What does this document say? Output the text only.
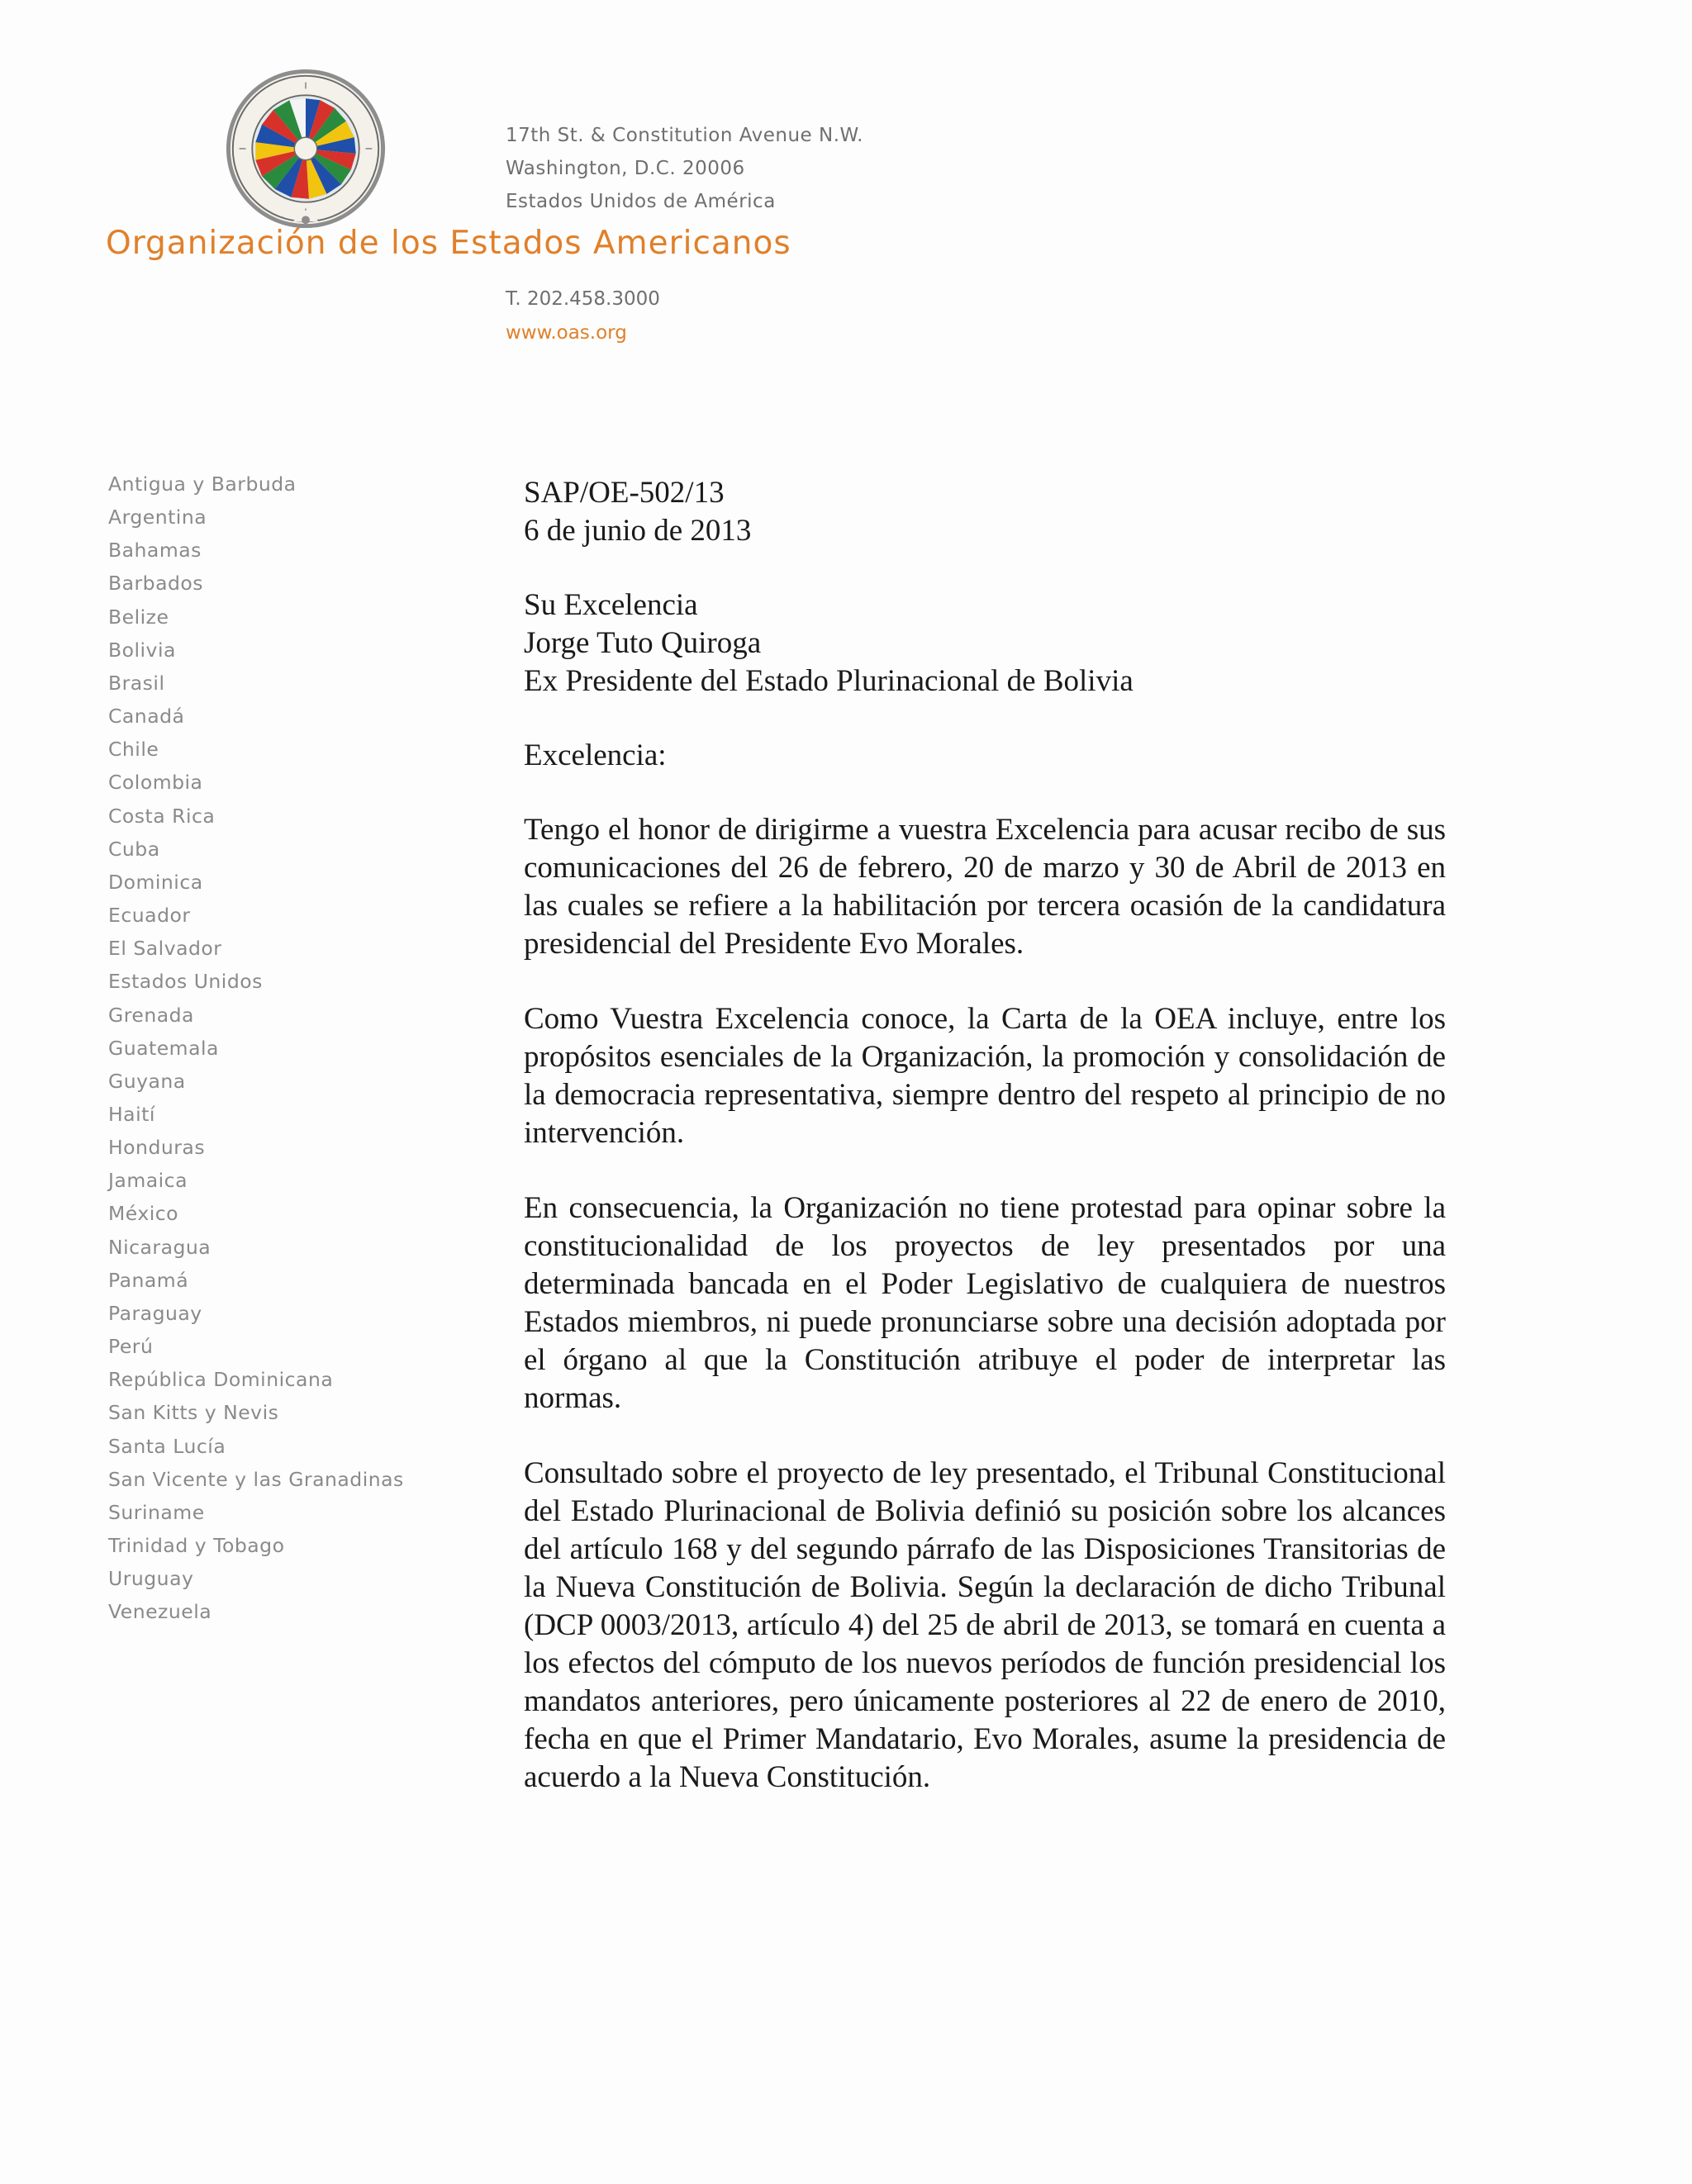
17th St. & Constitution Avenue N.W.
Washington, D.C. 20006
Estados Unidos de América
Organización de los Estados Americanos
T. 202.458.3000
www.oas.org
Antigua y Barbuda
Argentina
Bahamas
Barbados
Belize
Bolivia
Brasil
Canadá
Chile
Colombia
Costa Rica
Cuba
Dominica
Ecuador
El Salvador
Estados Unidos
Grenada
Guatemala
Guyana
Haití
Honduras
Jamaica
México
Nicaragua
Panamá
Paraguay
Perú
República Dominicana
San Kitts y Nevis
Santa Lucía
San Vicente y las Granadinas
Suriname
Trinidad y Tobago
Uruguay
Venezuela
SAP/OE-502/13
6 de junio de 2013
Su Excelencia
Jorge Tuto Quiroga
Ex Presidente del Estado Plurinacional de Bolivia
Excelencia:

Tengo el honor de dirigirme a vuestra Excelencia para acusar recibo de sus comunicaciones del 26 de febrero, 20 de marzo y 30 de Abril de 2013 en las cuales se refiere a la habilitación por tercera ocasión de la candidatura presidencial del Presidente Evo Morales.

Como Vuestra Excelencia conoce, la Carta de la OEA incluye, entre los propósitos esenciales de la Organización, la promoción y consolidación de la democracia representativa, siempre dentro del respeto al principio de no intervención.

En consecuencia, la Organización no tiene protestad para opinar sobre la constitucionalidad de los proyectos de ley presentados por una determinada bancada en el Poder Legislativo de cualquiera de nuestros Estados miembros, ni puede pronunciarse sobre una decisión adoptada por el órgano al que la Constitución atribuye el poder de interpretar las normas.

Consultado sobre el proyecto de ley presentado, el Tribunal Constitucional del Estado Plurinacional de Bolivia definió su posición sobre los alcances del artículo 168 y del segundo párrafo de las Disposiciones Transitorias de la Nueva Constitución de Bolivia. Según la declaración de dicho Tribunal (DCP 0003/2013, artículo 4) del 25 de abril de 2013, se tomará en cuenta a los efectos del cómputo de los nuevos períodos de función presidencial los mandatos anteriores, pero únicamente posteriores al 22 de enero de 2010, fecha en que el Primer Mandatario, Evo Morales, asume la presidencia de acuerdo a la Nueva Constitución.
